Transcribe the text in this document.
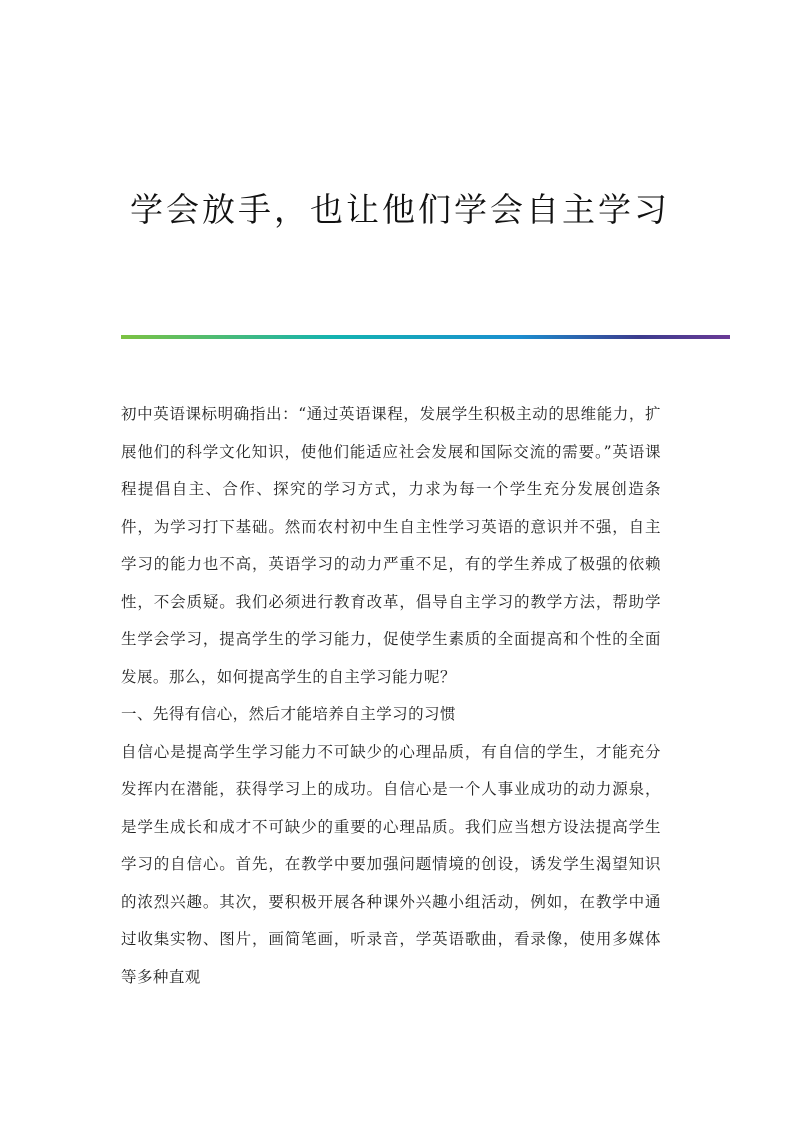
学会放手，也让他们学会自主学习

初中英语课标明确指出：“通过英语课程，发展学生积极主动的思维能力，扩展他们的科学文化知识，使他们能适应社会发展和国际交流的需要。”英语课程提倡自主、合作、探究的学习方式，力求为每一个学生充分发展创造条件，为学习打下基础。然而农村初中生自主性学习英语的意识并不强，自主学习的能力也不高，英语学习的动力严重不足，有的学生养成了极强的依赖性，不会质疑。我们必须进行教育改革，倡导自主学习的教学方法，帮助学生学会学习，提高学生的学习能力，促使学生素质的全面提高和个性的全面发展。那么，如何提高学生的自主学习能力呢？

一、先得有信心，然后才能培养自主学习的习惯

自信心是提高学生学习能力不可缺少的心理品质，有自信的学生，才能充分发挥内在潜能，获得学习上的成功。自信心是一个人事业成功的动力源泉，是学生成长和成才不可缺少的重要的心理品质。我们应当想方设法提高学生学习的自信心。首先，在教学中要加强问题情境的创设，诱发学生渴望知识的浓烈兴趣。其次，要积极开展各种课外兴趣小组活动，例如，在教学中通过收集实物、图片，画简笔画，听录音，学英语歌曲，看录像，使用多媒体等多种直观
